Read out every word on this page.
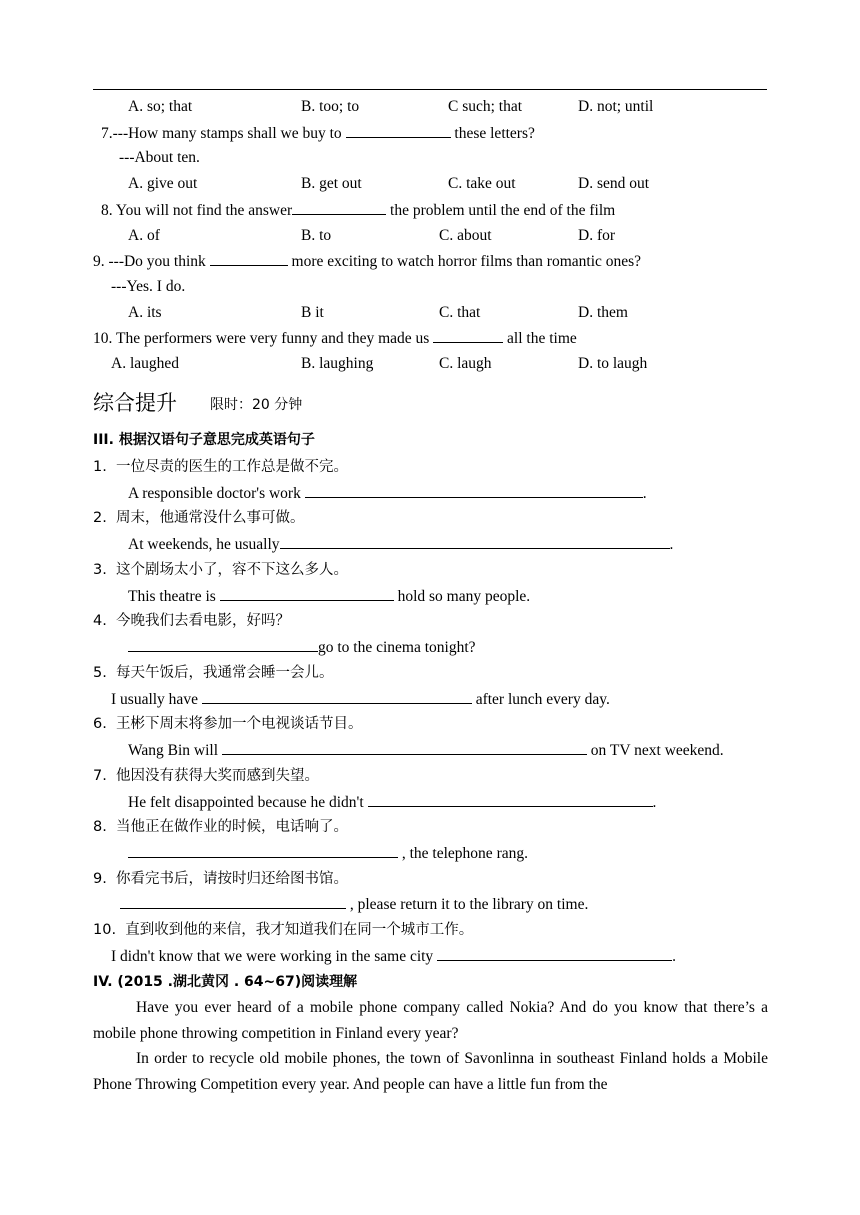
A. so; that	B. too; to	C such; that	D. not; until
7.---How many stamps shall we buy to	these letters?
---About ten.
A. give out	B. get out	C. take out	D. send out
8. You will not find the answer	the problem until the end of the film
A. of	B. to	C. about	D. for
9. ---Do you think	more exciting to watch horror films than romantic ones?
---Yes. I do.
A. its	B it	C. that	D. them
10. The performers were very funny and they made us	all the time
A. laughed	B. laughing	C. laugh	D. to laugh
综合提升 限时：20 分钟
III. 根据汉语句子意思完成英语句子
1.  一位尽责的医生的工作总是做不完。
A responsible doctor's work	.
2.  周末，他通常没什么事可做。
At weekends, he usually	.
3.  这个剧场太小了，容不下这么多人。
This theatre is	hold so many people.
4.  今晚我们去看电影，好吗？
go to the cinema tonight?
5.  每天午饭后，我通常会睡一会儿。
I usually have	after lunch every day.
6.  王彬下周末将参加一个电视谈话节目。
Wang Bin will	on TV next weekend.
7.  他因没有获得大奖而感到失望。
He felt disappointed because he didn't	.
8.  当他正在做作业的时候，电话响了。
, the telephone rang.
9.  你看完书后，请按时归还给图书馆。
, please return it to the library on time.
10.  直到收到他的来信，我才知道我们在同一个城市工作。
I didn't know that we were working in the same city	.
IV. (2015 .湖北黄冈 . 64~67)阅读理解
Have you ever heard of a mobile phone company called Nokia? And do you know that there’s a mobile phone throwing competition in Finland every year?
In order to recycle old mobile phones, the town of Savonlinna in southeast Finland holds a Mobile Phone Throwing Competition every year. And people can have a little fun from the
